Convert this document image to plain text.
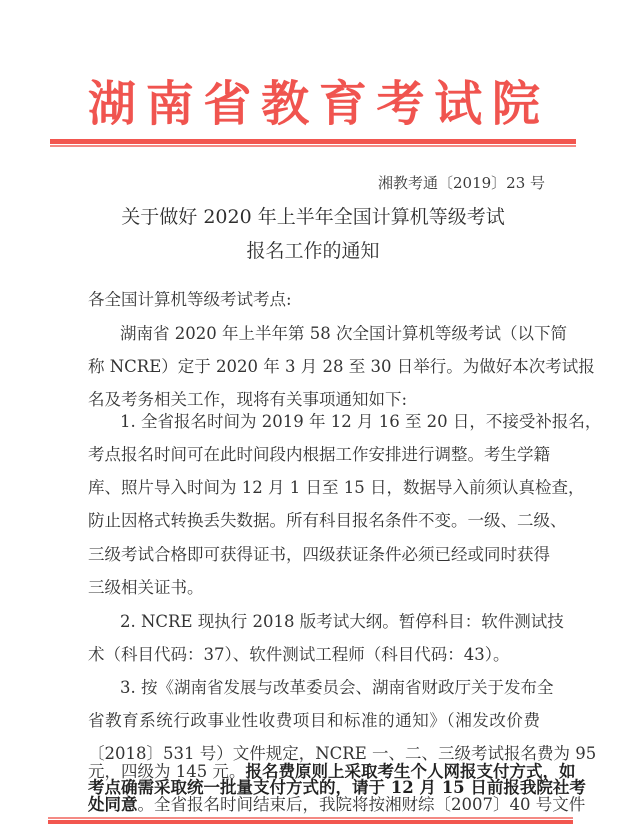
湖 南 省 教 育 考 试 院
湘教考通〔2019〕23 号
关于做好 2020 年上半年全国计算机等级考试
报名工作的通知
各全国计算机等级考试考点:
湖南省 2020 年上半年第 58 次全国计算机等级考试（以下简
称 NCRE）定于 2020 年 3 月 28 至 30 日举行。为做好本次考试报
名及考务相关工作，现将有关事项通知如下:
1. 全省报名时间为 2019 年 12 月 16 至 20 日，不接受补报名，
考点报名时间可在此时间段内根据工作安排进行调整。考生学籍
库、照片导入时间为 12 月 1 日至 15 日，数据导入前须认真检查，
防止因格式转换丢失数据。所有科目报名条件不变。一级、二级、
三级考试合格即可获得证书，四级获证条件必须已经或同时获得
三级相关证书。
2. NCRE 现执行 2018 版考试大纲。暂停科目：软件测试技
术（科目代码：37）、软件测试工程师（科目代码：43）。
3. 按《湖南省发展与改革委员会、湖南省财政厅关于发布全
省教育系统行政事业性收费项目和标准的通知》（湘发改价费
〔2018〕531 号）文件规定，NCRE 一、二、三级考试报名费为 95
元，四级为 145 元。报名费原则上采取考生个人网报支付方式，如
考点确需采取统一批量支付方式的，请于 12 月 15 日前报我院社考
处同意。全省报名时间结束后，我院将按湘财综〔2007〕40 号文件
